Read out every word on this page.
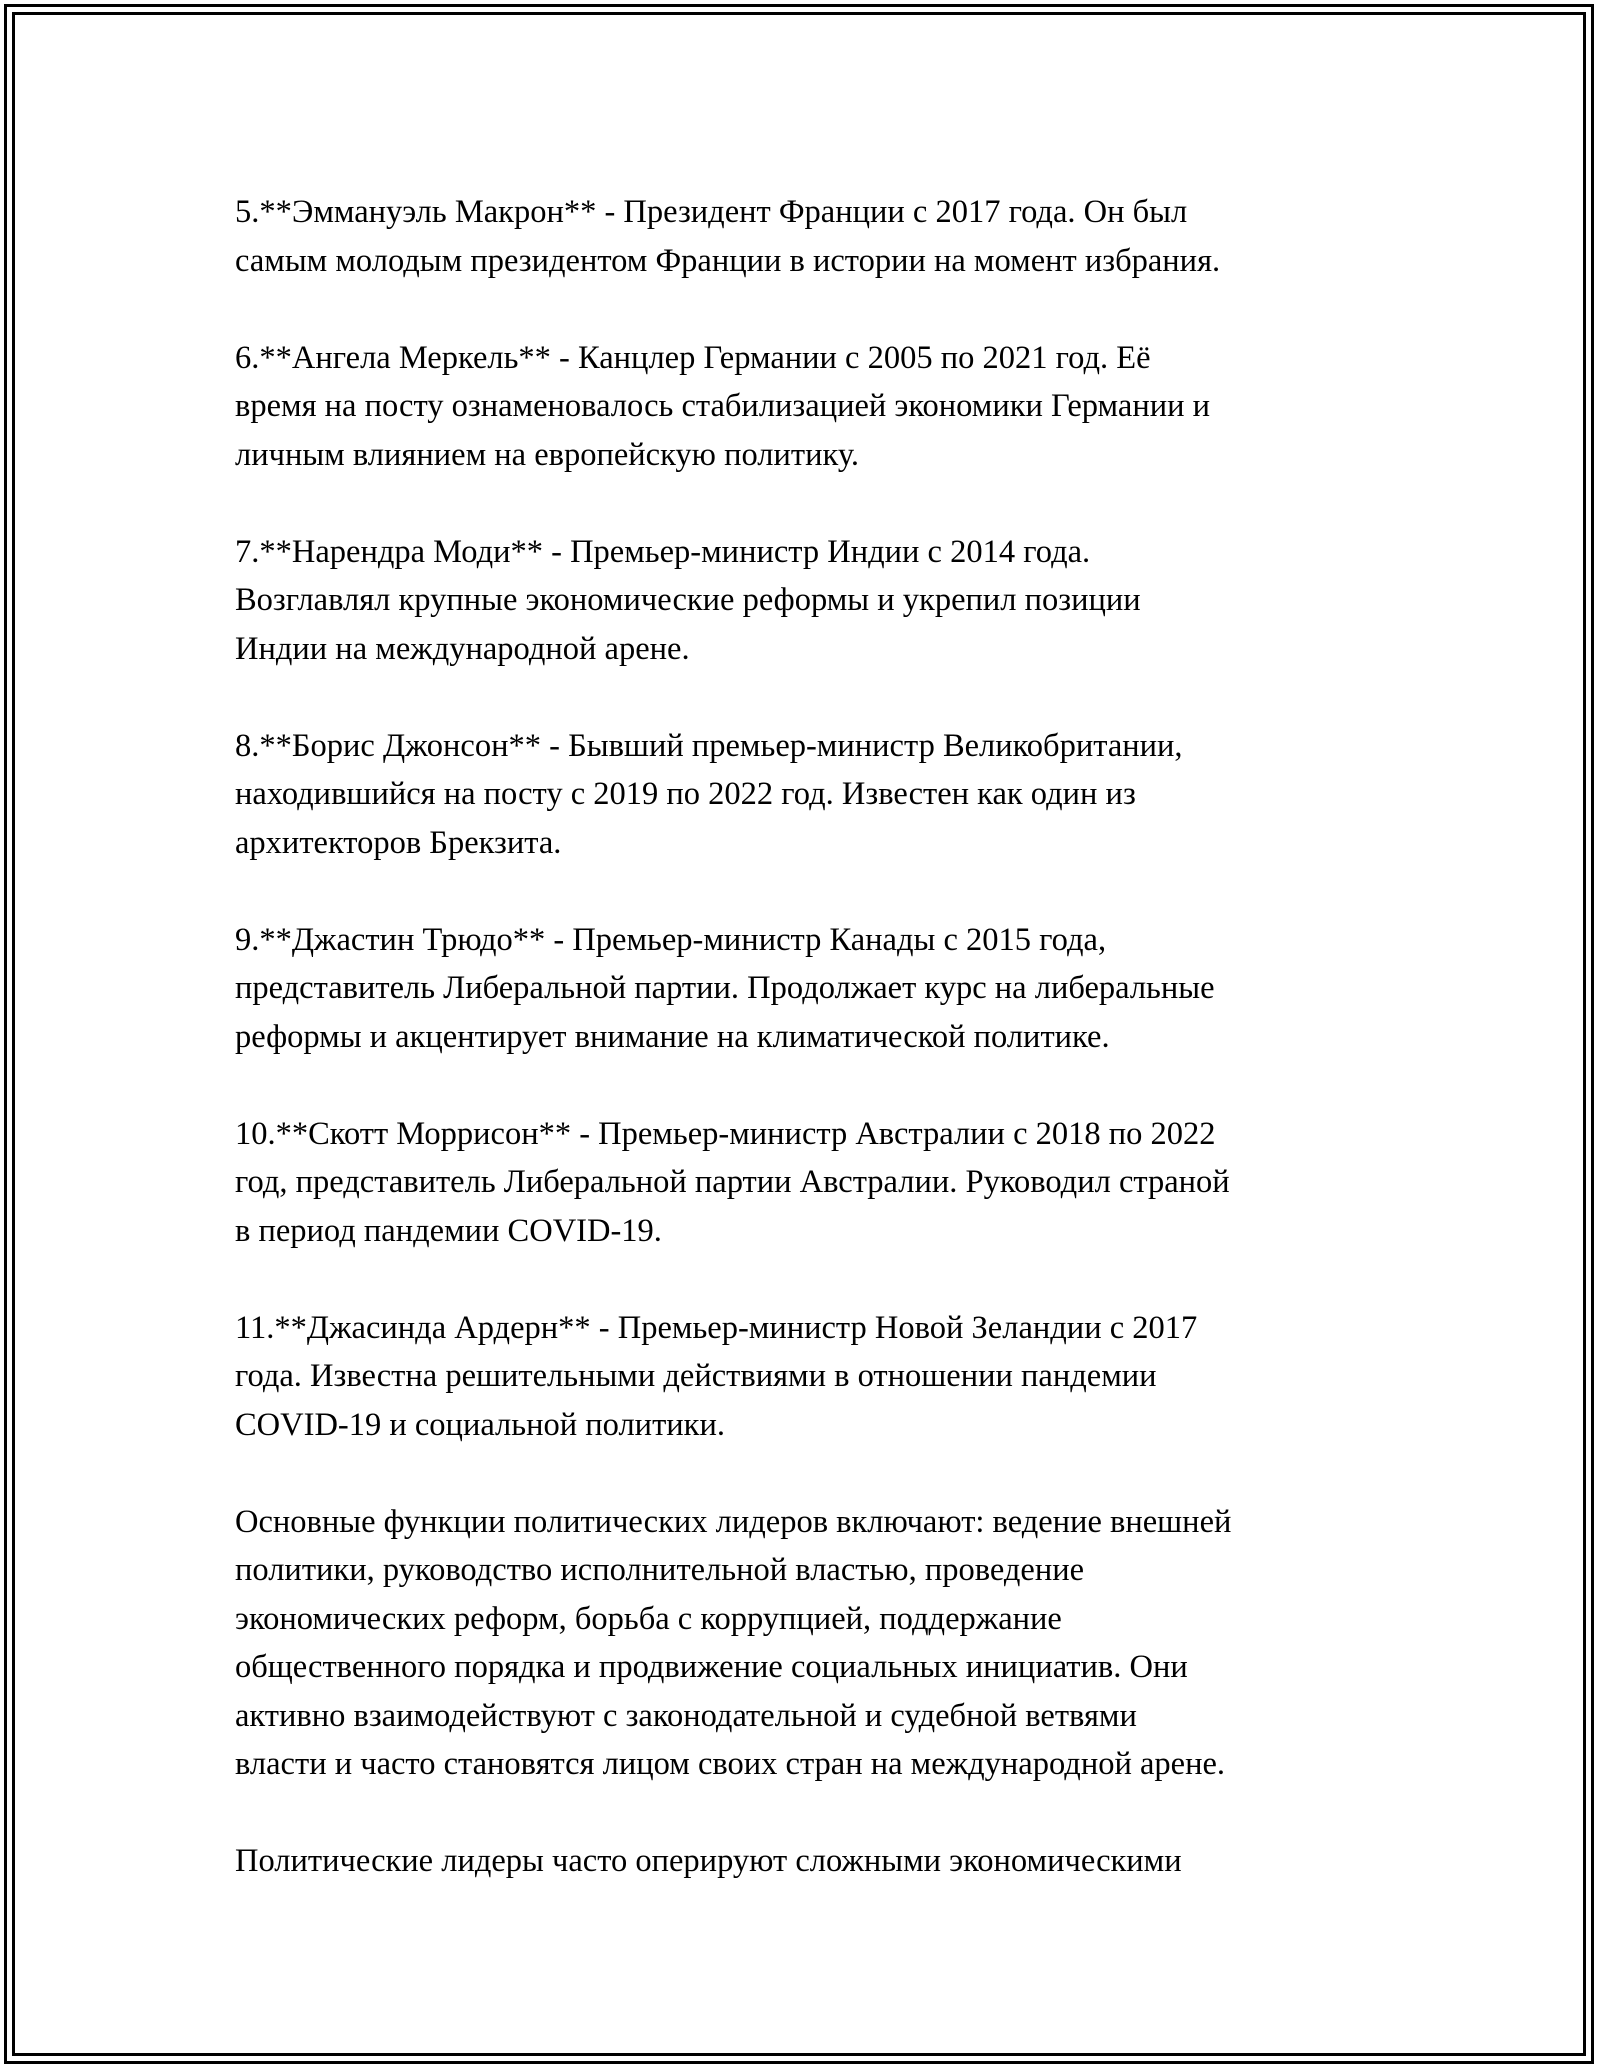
5.**Эммануэль Макрон** - Президент Франции с 2017 года. Он был
самым молодым президентом Франции в истории на момент избрания.

6.**Ангела Меркель** - Канцлер Германии с 2005 по 2021 год. Её
время на посту ознаменовалось стабилизацией экономики Германии и
личным влиянием на европейскую политику.

7.**Нарендра Моди** - Премьер-министр Индии с 2014 года.
Возглавлял крупные экономические реформы и укрепил позиции
Индии на международной арене.

8.**Борис Джонсон** - Бывший премьер-министр Великобритании,
находившийся на посту с 2019 по 2022 год. Известен как один из
архитекторов Брекзита.

9.**Джастин Трюдо** - Премьер-министр Канады с 2015 года,
представитель Либеральной партии. Продолжает курс на либеральные
реформы и акцентирует внимание на климатической политике.

10.**Скотт Моррисон** - Премьер-министр Австралии с 2018 по 2022
год, представитель Либеральной партии Австралии. Руководил страной
в период пандемии COVID-19.

11.**Джасинда Ардерн** - Премьер-министр Новой Зеландии с 2017
года. Известна решительными действиями в отношении пандемии
COVID-19 и социальной политики.

Основные функции политических лидеров включают: ведение внешней
политики, руководство исполнительной властью, проведение
экономических реформ, борьба с коррупцией, поддержание
общественного порядка и продвижение социальных инициатив. Они
активно взаимодействуют с законодательной и судебной ветвями
власти и часто становятся лицом своих стран на международной арене.

Политические лидеры часто оперируют сложными экономическими
